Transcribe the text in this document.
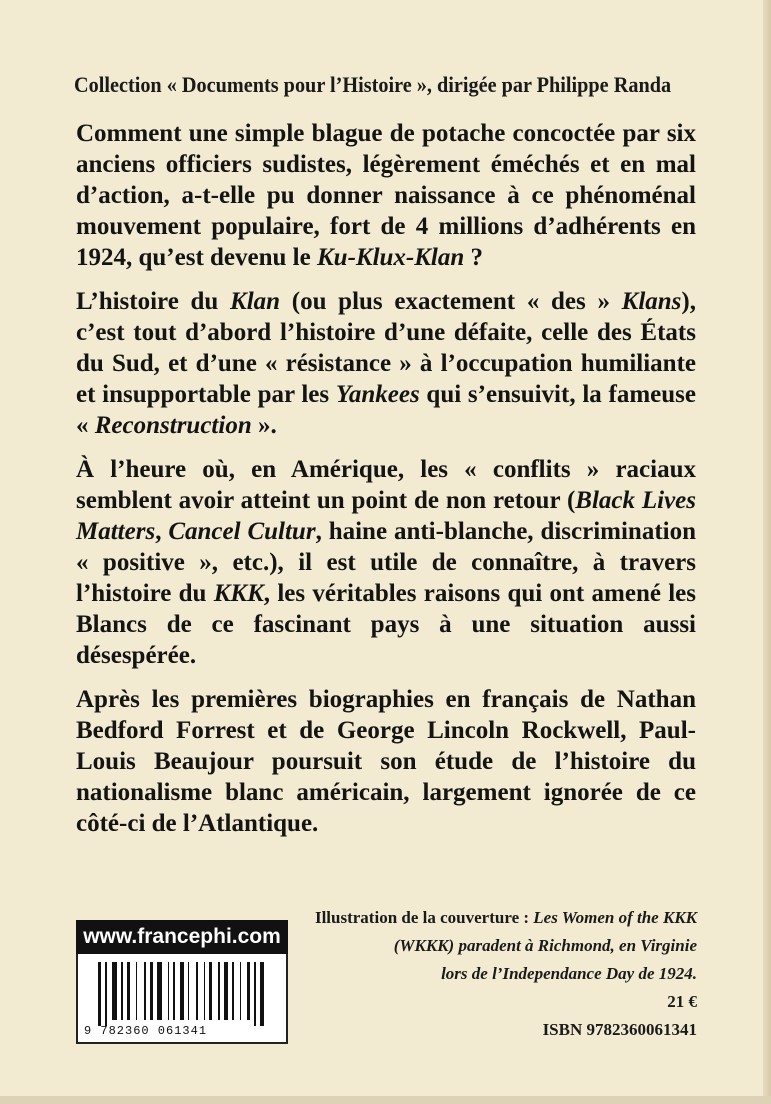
Collection « Documents pour l’Histoire », dirigée par Philippe Randa

Comment une simple blague de potache concoctée par six anciens officiers sudistes, légèrement éméchés et en mal d’action, a-t-elle pu donner naissance à ce phénoménal mouvement populaire, fort de 4 millions d’adhérents en 1924, qu’est devenu le Ku-Klux-Klan ?

L’histoire du Klan (ou plus exactement « des » Klans), c’est tout d’abord l’histoire d’une défaite, celle des États du Sud, et d’une « résistance » à l’occupation humiliante et insupportable par les Yankees qui s’ensuivit, la fameuse « Reconstruction ».

À l’heure où, en Amérique, les « conflits » raciaux semblent avoir atteint un point de non retour (Black Lives Matters, Cancel Cultur, haine anti-blanche, discrimination « positive », etc.), il est utile de connaître, à travers l’histoire du KKK, les véritables raisons qui ont amené les Blancs de ce fascinant pays à une situation aussi désespérée.

Après les premières biographies en français de Nathan Bedford Forrest et de George Lincoln Rockwell, Paul-Louis Beaujour poursuit son étude de l’histoire du nationalisme blanc américain, largement ignorée de ce côté-ci de l’Atlantique.

www.francephi.com
9 782360 061341
Illustration de la couverture : Les Women of the KKK
(WKKK) paradent à Richmond, en Virginie
lors de l’Independance Day de 1924.
21 €
ISBN 9782360061341
